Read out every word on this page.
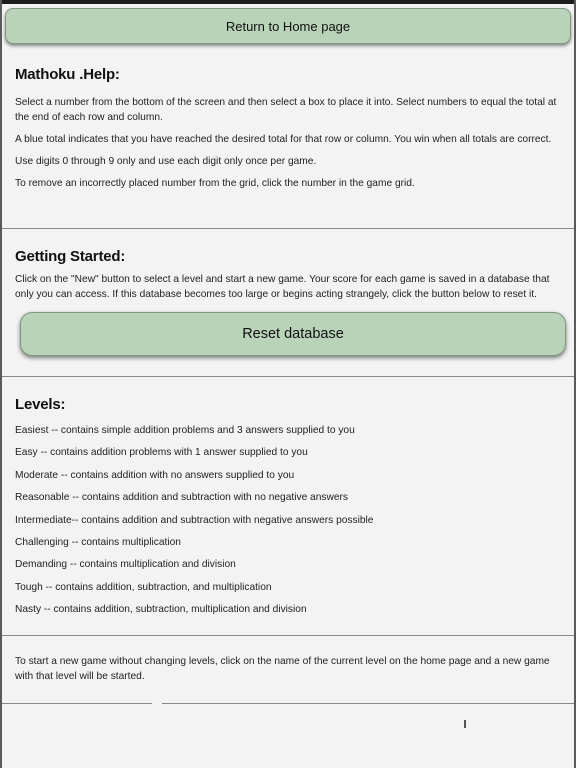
Return to Home page
Mathoku .Help:

Select a number from the bottom of the screen and then select a box to place it into. Select numbers to equal the total at the end of each row and column.

A blue total indicates that you have reached the desired total for that row or column. You win when all totals are correct.

Use digits 0 through 9 only and use each digit only once per game.

To remove an incorrectly placed number from the grid, click the number in the game grid.

Getting Started:

Click on the "New" button to select a level and start a new game. Your score for each game is saved in a database that only you can access. If this database becomes too large or begins acting strangely, click the button below to reset it.

Reset database
Levels:

Easiest -- contains simple addition problems and 3 answers supplied to you

Easy -- contains addition problems with 1 answer supplied to you

Moderate -- contains addition with no answers supplied to you

Reasonable -- contains addition and subtraction with no negative answers

Intermediate-- contains addition and subtraction with negative answers possible

Challenging -- contains multiplication

Demanding -- contains multiplication and division

Tough -- contains addition, subtraction, and multiplication

Nasty -- contains addition, subtraction, multiplication and division

To start a new game without changing levels, click on the name of the current level on the home page and a new game with that level will be started.
